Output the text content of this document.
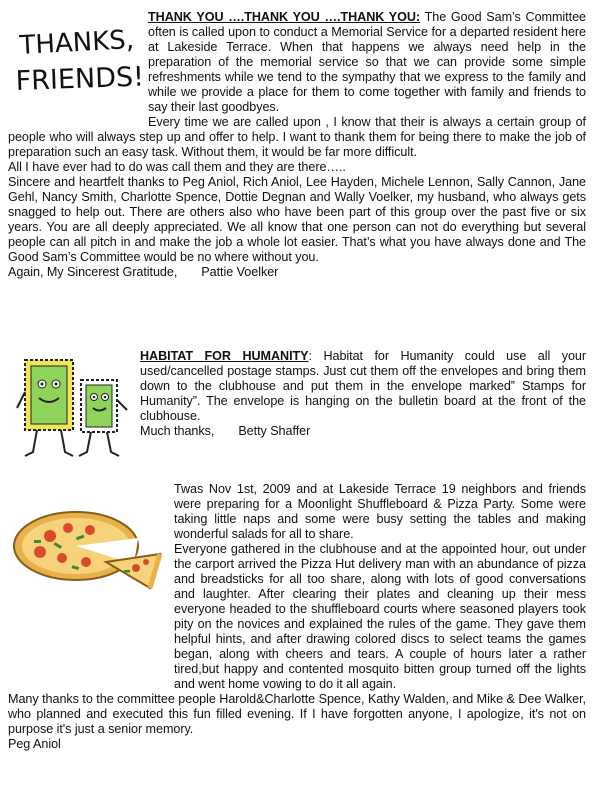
THANK YOU ….THANK YOU ….THANK YOU: The Good Sam’s Committee often is called upon to conduct a Memorial Service for a departed resident here at Lakeside Terrace. When that happens we always need help in the preparation of the memorial service so that we can provide some simple refreshments while we tend to the sympathy that we express to the family and while we provide a place for them to come together with family and friends to say their last goodbyes.

Every time we are called upon , I know that their is always a certain group of people who will always step up and offer to help. I want to thank them for being there to make the job of preparation such an easy task. Without them, it would be far more difficult.

All I have ever had to do was call them and they are there…..

Sincere and heartfelt thanks to Peg Aniol, Rich Aniol, Lee Hayden, Michele Lennon, Sally Cannon, Jane Gehl, Nancy Smith, Charlotte Spence, Dottie Degnan and Wally Voelker, my husband, who always gets snagged to help out. There are others also who have been part of this group over the past five or six years. You are all deeply appreciated. We all know that one person can not do everything but several people can all pitch in and make the job a whole lot easier. That’s what you have always done and The Good Sam’s Committee would be no where without you.

Again, My Sincerest Gratitude, Pattie Voelker

THANKS,
FRIENDS!

HABITAT FOR HUMANITY: Habitat for Humanity could use all your used/cancelled postage stamps. Just cut them off the envelopes and bring them down to the clubhouse and put them in the envelope marked” Stamps for Humanity”. The envelope is hanging on the bulletin board at the front of the clubhouse.

Much thanks, Betty Shaffer

Twas Nov 1st, 2009 and at Lakeside Terrace 19 neighbors and friends were preparing for a Moonlight Shuffleboard & Pizza Party. Some were taking little naps and some were busy setting the tables and making wonderful salads for all to share.

Everyone gathered in the clubhouse and at the appointed hour, out under the carport arrived the Pizza Hut delivery man with an abundance of pizza and breadsticks for all too share, along with lots of good conversations and laughter. After clearing their plates and cleaning up their mess everyone headed to the shuffleboard courts where seasoned players took pity on the novices and explained the rules of the game. They gave them helpful hints, and after drawing colored discs to select teams the games began, along with cheers and tears. A couple of hours later a rather tired,but happy and contented mosquito bitten group turned off the lights and went home vowing to do it all again.

Many thanks to the committee people Harold&Charlotte Spence, Kathy Walden, and Mike & Dee Walker, who planned and executed this fun filled evening. If I have forgotten anyone, I apologize, it's not on purpose it's just a senior memory.

Peg Aniol
